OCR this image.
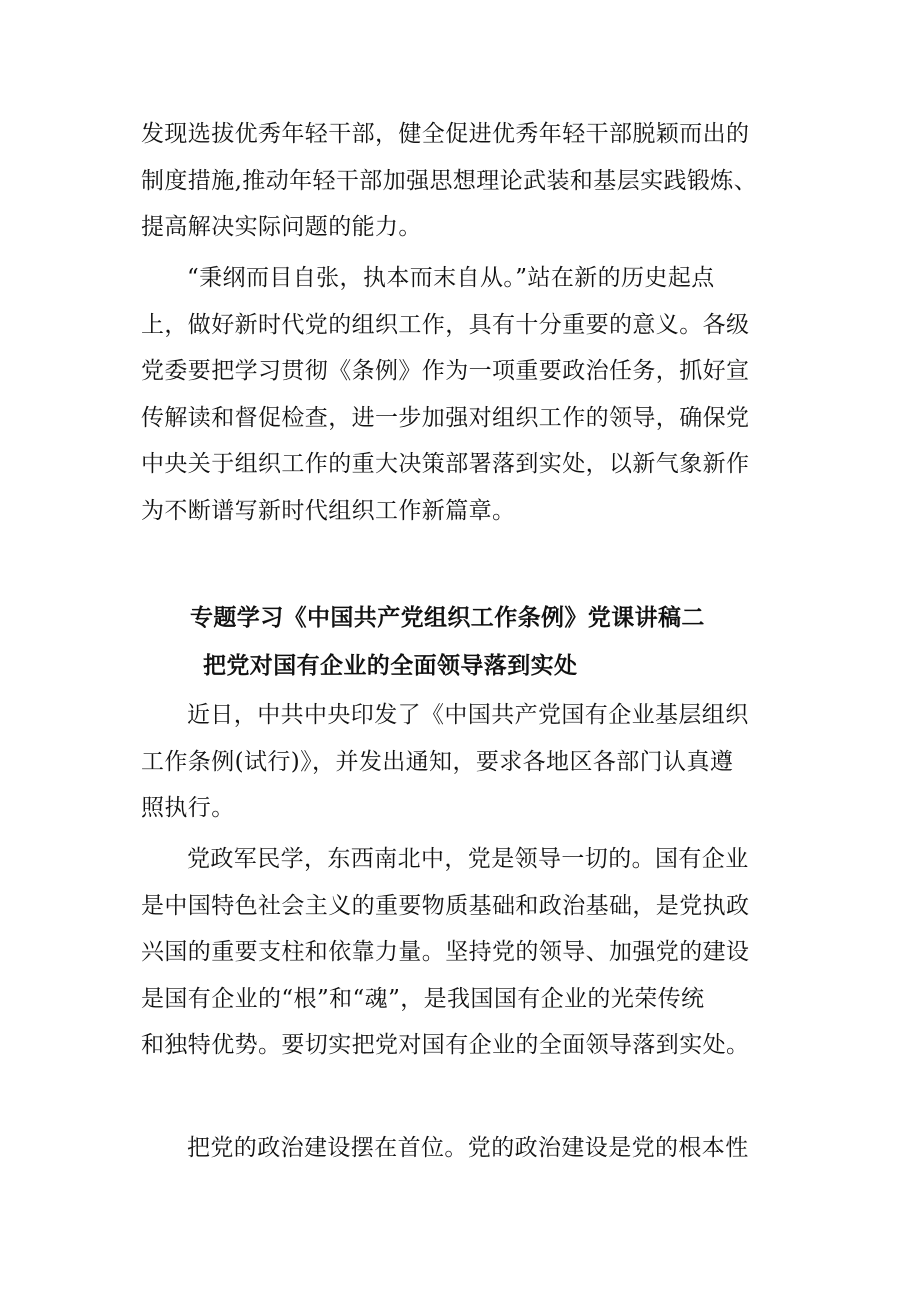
发现选拔优秀年轻干部，健全促进优秀年轻干部脱颖而出的
制度措施,推动年轻干部加强思想理论武装和基层实践锻炼、
提高解决实际问题的能力。
“秉纲而目自张，执本而末自从。”站在新的历史起点
上，做好新时代党的组织工作，具有十分重要的意义。各级
党委要把学习贯彻《条例》作为一项重要政治任务，抓好宣
传解读和督促检查，进一步加强对组织工作的领导，确保党
中央关于组织工作的重大决策部署落到实处，以新气象新作
为不断谱写新时代组织工作新篇章。
专题学习《中国共产党组织工作条例》党课讲稿二
把党对国有企业的全面领导落到实处
近日，中共中央印发了《中国共产党国有企业基层组织
工作条例(试行)》，并发出通知，要求各地区各部门认真遵
照执行。
党政军民学，东西南北中，党是领导一切的。国有企业
是中国特色社会主义的重要物质基础和政治基础，是党执政
兴国的重要支柱和依靠力量。坚持党的领导、加强党的建设
是国有企业的“根”和“魂”，是我国国有企业的光荣传统
和独特优势。要切实把党对国有企业的全面领导落到实处。
把党的政治建设摆在首位。党的政治建设是党的根本性
